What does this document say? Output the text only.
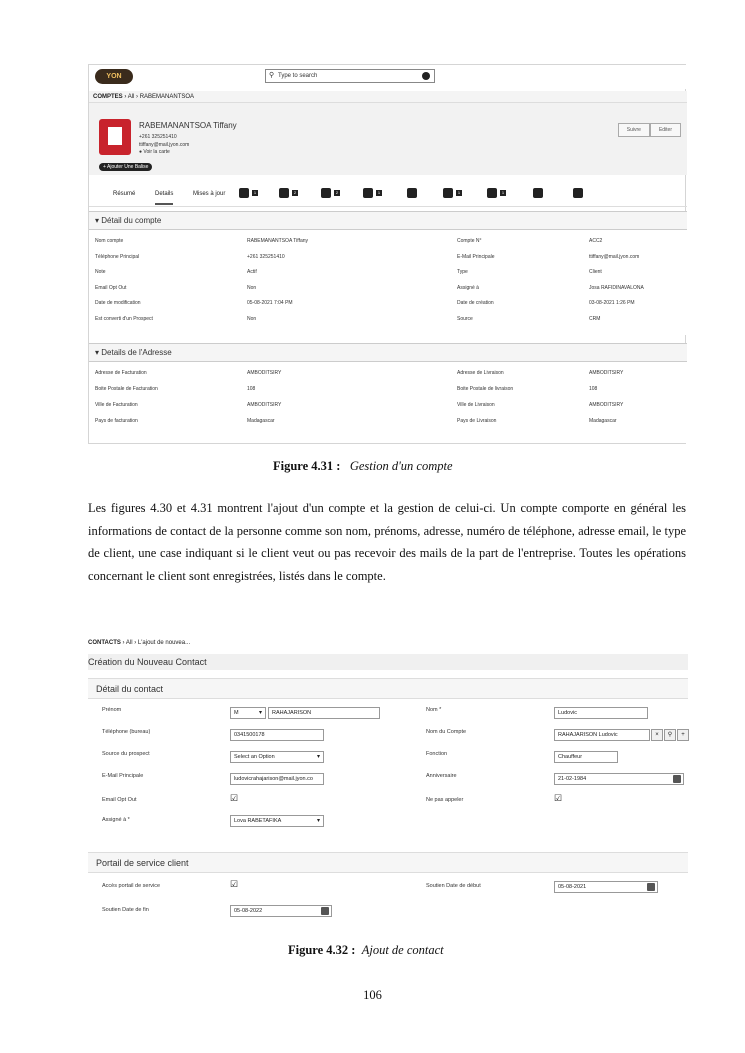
YON	⚲ Type to search
COMPTES › All › RABEMANANTSOA
RABEMANANTSOA Tiffany
+261 325251410
ttiffany@mail.jyon.com
● Voir la carte
+ Ajouter Une Balise
Suivre	Editer
Résumé	Details	Mises à jour	1	2	2	1	1	1
▾ Détail du compte
Nom compte	RABEMANANTSOA Tiffany	Compte N°	ACC2
Téléphone Principal	+261 325251410	E-Mail Principale	ttiffany@mail.jyon.com
Note	Actif	Type	Client
Email Opt Out	Non	Assigné à	Josa RAFIDINAVALONA
Date de modification	05-08-2021 7:04 PM	Date de création	03-08-2021 1:26 PM
Est converti d'un Prospect	Non	Source	CRM
▾ Details de l'Adresse
Adresse de Facturation	AMBODITSIRY	Adresse de Livraison	AMBODITSIRY
Boite Postale de Facturation	108	Boite Postale de livraison	108
Ville de Facturation	AMBODITSIRY	Ville de Livraison	AMBODITSIRY
Pays de facturation	Madagascar	Pays de Livraison	Madagascar
Figure 4.31 : Gestion d'un compte
Les figures 4.30 et 4.31 montrent l'ajout d'un compte et la gestion de celui-ci. Un compte comporte en général les informations de contact de la personne comme son nom, prénoms, adresse, numéro de téléphone, adresse email, le type de client, une case indiquant si le client veut ou pas recevoir des mails de la part de l'entreprise. Toutes les opérations concernant le client sont enregistrées, listés dans le compte.
CONTACTS › All › L'ajout de nouvea...
Création du Nouveau Contact
Détail du contact
Prénom	M	▾	RAHAJARISON	Nom *	Ludovic
Téléphone (bureau)	0341500178	Nom du Compte	RAHAJARISON Ludovic	×	⚲	+
Source du prospect	Select an Option	▾	Fonction	Chauffeur
E-Mail Principale	ludovicrahajarison@mail.jyon.co	Anniversaire	21-02-1984
Email Opt Out	☑	Ne pas appeler	☑
Assigné à *	Lova RABETAFIKA	▾
Portail de service client
Accès portail de service	☑	Soutien Date de début	05-08-2021
Soutien Date de fin	05-08-2022
Figure 4.32 : Ajout de contact
106
